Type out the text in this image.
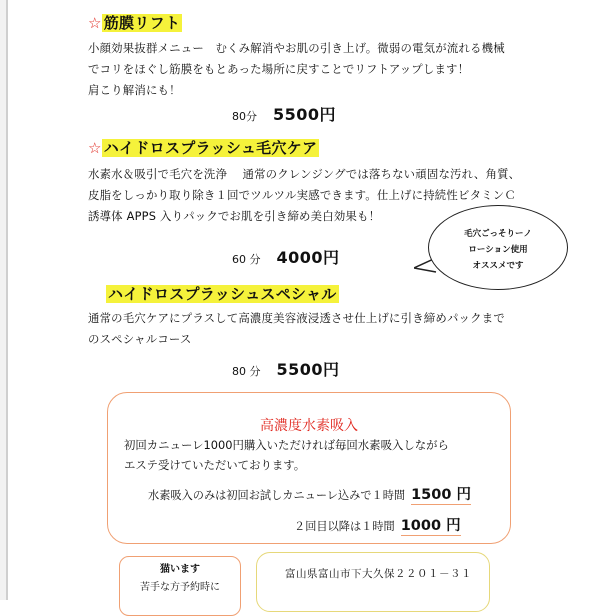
☆ 筋膜リフト
小顔効果抜群メニュー　むくみ解消やお肌の引き上げ。微弱の電気が流れる機械
でコリをほぐし筋膜をもとあった場所に戻すことでリフトアップします！
肩こり解消にも！
80分 5500円
☆ ハイドロスプラッシュ毛穴ケア
水素水＆吸引で毛穴を洗浄　 通常のクレンジングでは落ちない頑固な汚れ、角質、
皮脂をしっかり取り除き１回でツルツル実感できます。仕上げに持続性ビタミンＣ
誘導体 APPS 入りパックでお肌を引き締め美白効果も！
60 分 4000円
毛穴ごっそりーノ
ローション使用
オススメです
ハイドロスプラッシュスペシャル
通常の毛穴ケアにプラスして高濃度美容液浸透させ仕上げに引き締めパックまで
のスペシャルコース
80 分 5500円
高濃度水素吸入
初回カニューレ1000円購入いただければ毎回水素吸入しながら
エステ受けていただいております。
水素吸入のみは初回お試しカニューレ込みで１時間 1500 円
２回目以降は１時間 1000 円
猫います
苦手な方予約時に
富山県富山市下大久保２２０１－３１
